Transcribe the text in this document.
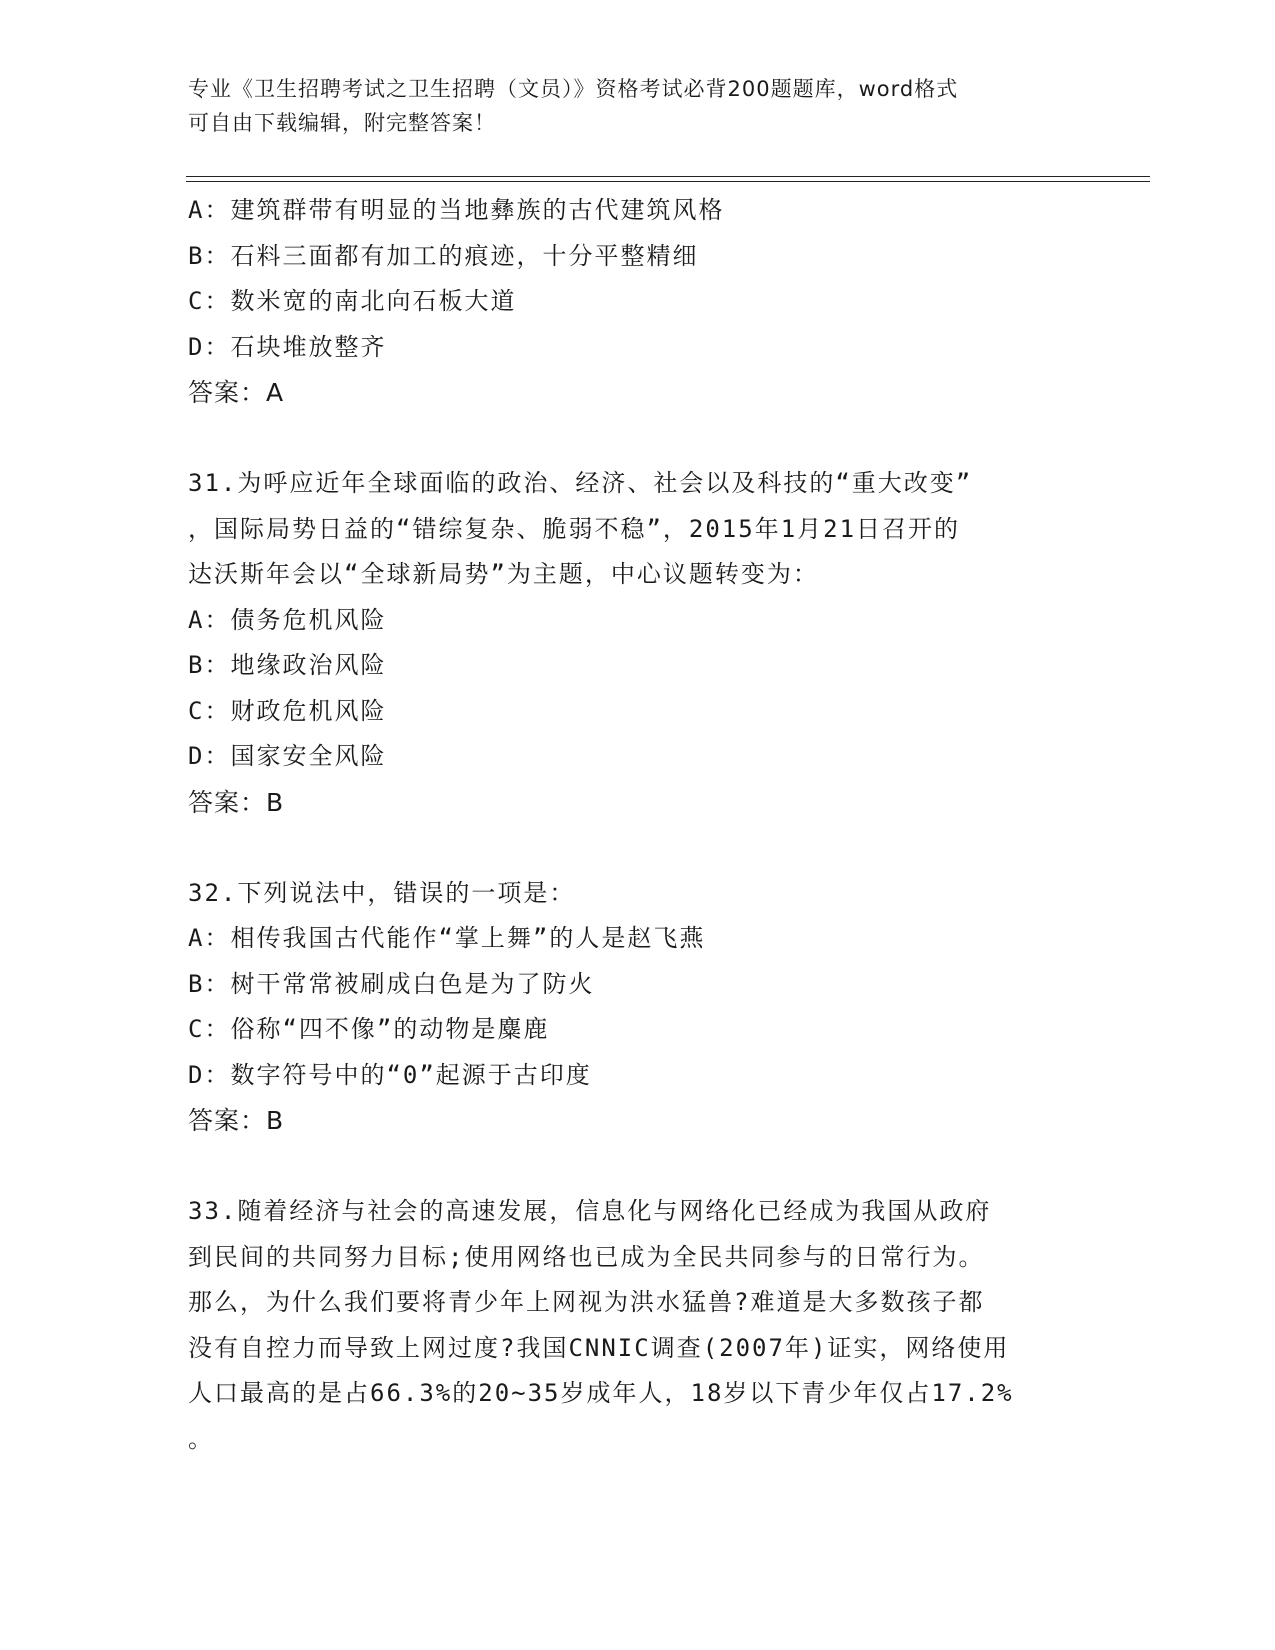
专业《卫生招聘考试之卫生招聘（文员）》资格考试必背200题题库，word格式
可自由下载编辑，附完整答案！
A：建筑群带有明显的当地彝族的古代建筑风格
B：石料三面都有加工的痕迹，十分平整精细
C：数米宽的南北向石板大道
D：石块堆放整齐
答案：A
31.为呼应近年全球面临的政治、经济、社会以及科技的“重大改变”
，国际局势日益的“错综复杂、脆弱不稳”，2015年1月21日召开的
达沃斯年会以“全球新局势”为主题，中心议题转变为：
A：债务危机风险
B：地缘政治风险
C：财政危机风险
D：国家安全风险
答案：B
32.下列说法中，错误的一项是：
A：相传我国古代能作“掌上舞”的人是赵飞燕
B：树干常常被刷成白色是为了防火
C：俗称“四不像”的动物是麋鹿
D：数字符号中的“0”起源于古印度
答案：B
33.随着经济与社会的高速发展，信息化与网络化已经成为我国从政府
到民间的共同努力目标;使用网络也已成为全民共同参与的日常行为。
那么，为什么我们要将青少年上网视为洪水猛兽?难道是大多数孩子都
没有自控力而导致上网过度?我国CNNIC调查(2007年)证实，网络使用
人口最高的是占66.3%的20~35岁成年人，18岁以下青少年仅占17.2%
。
